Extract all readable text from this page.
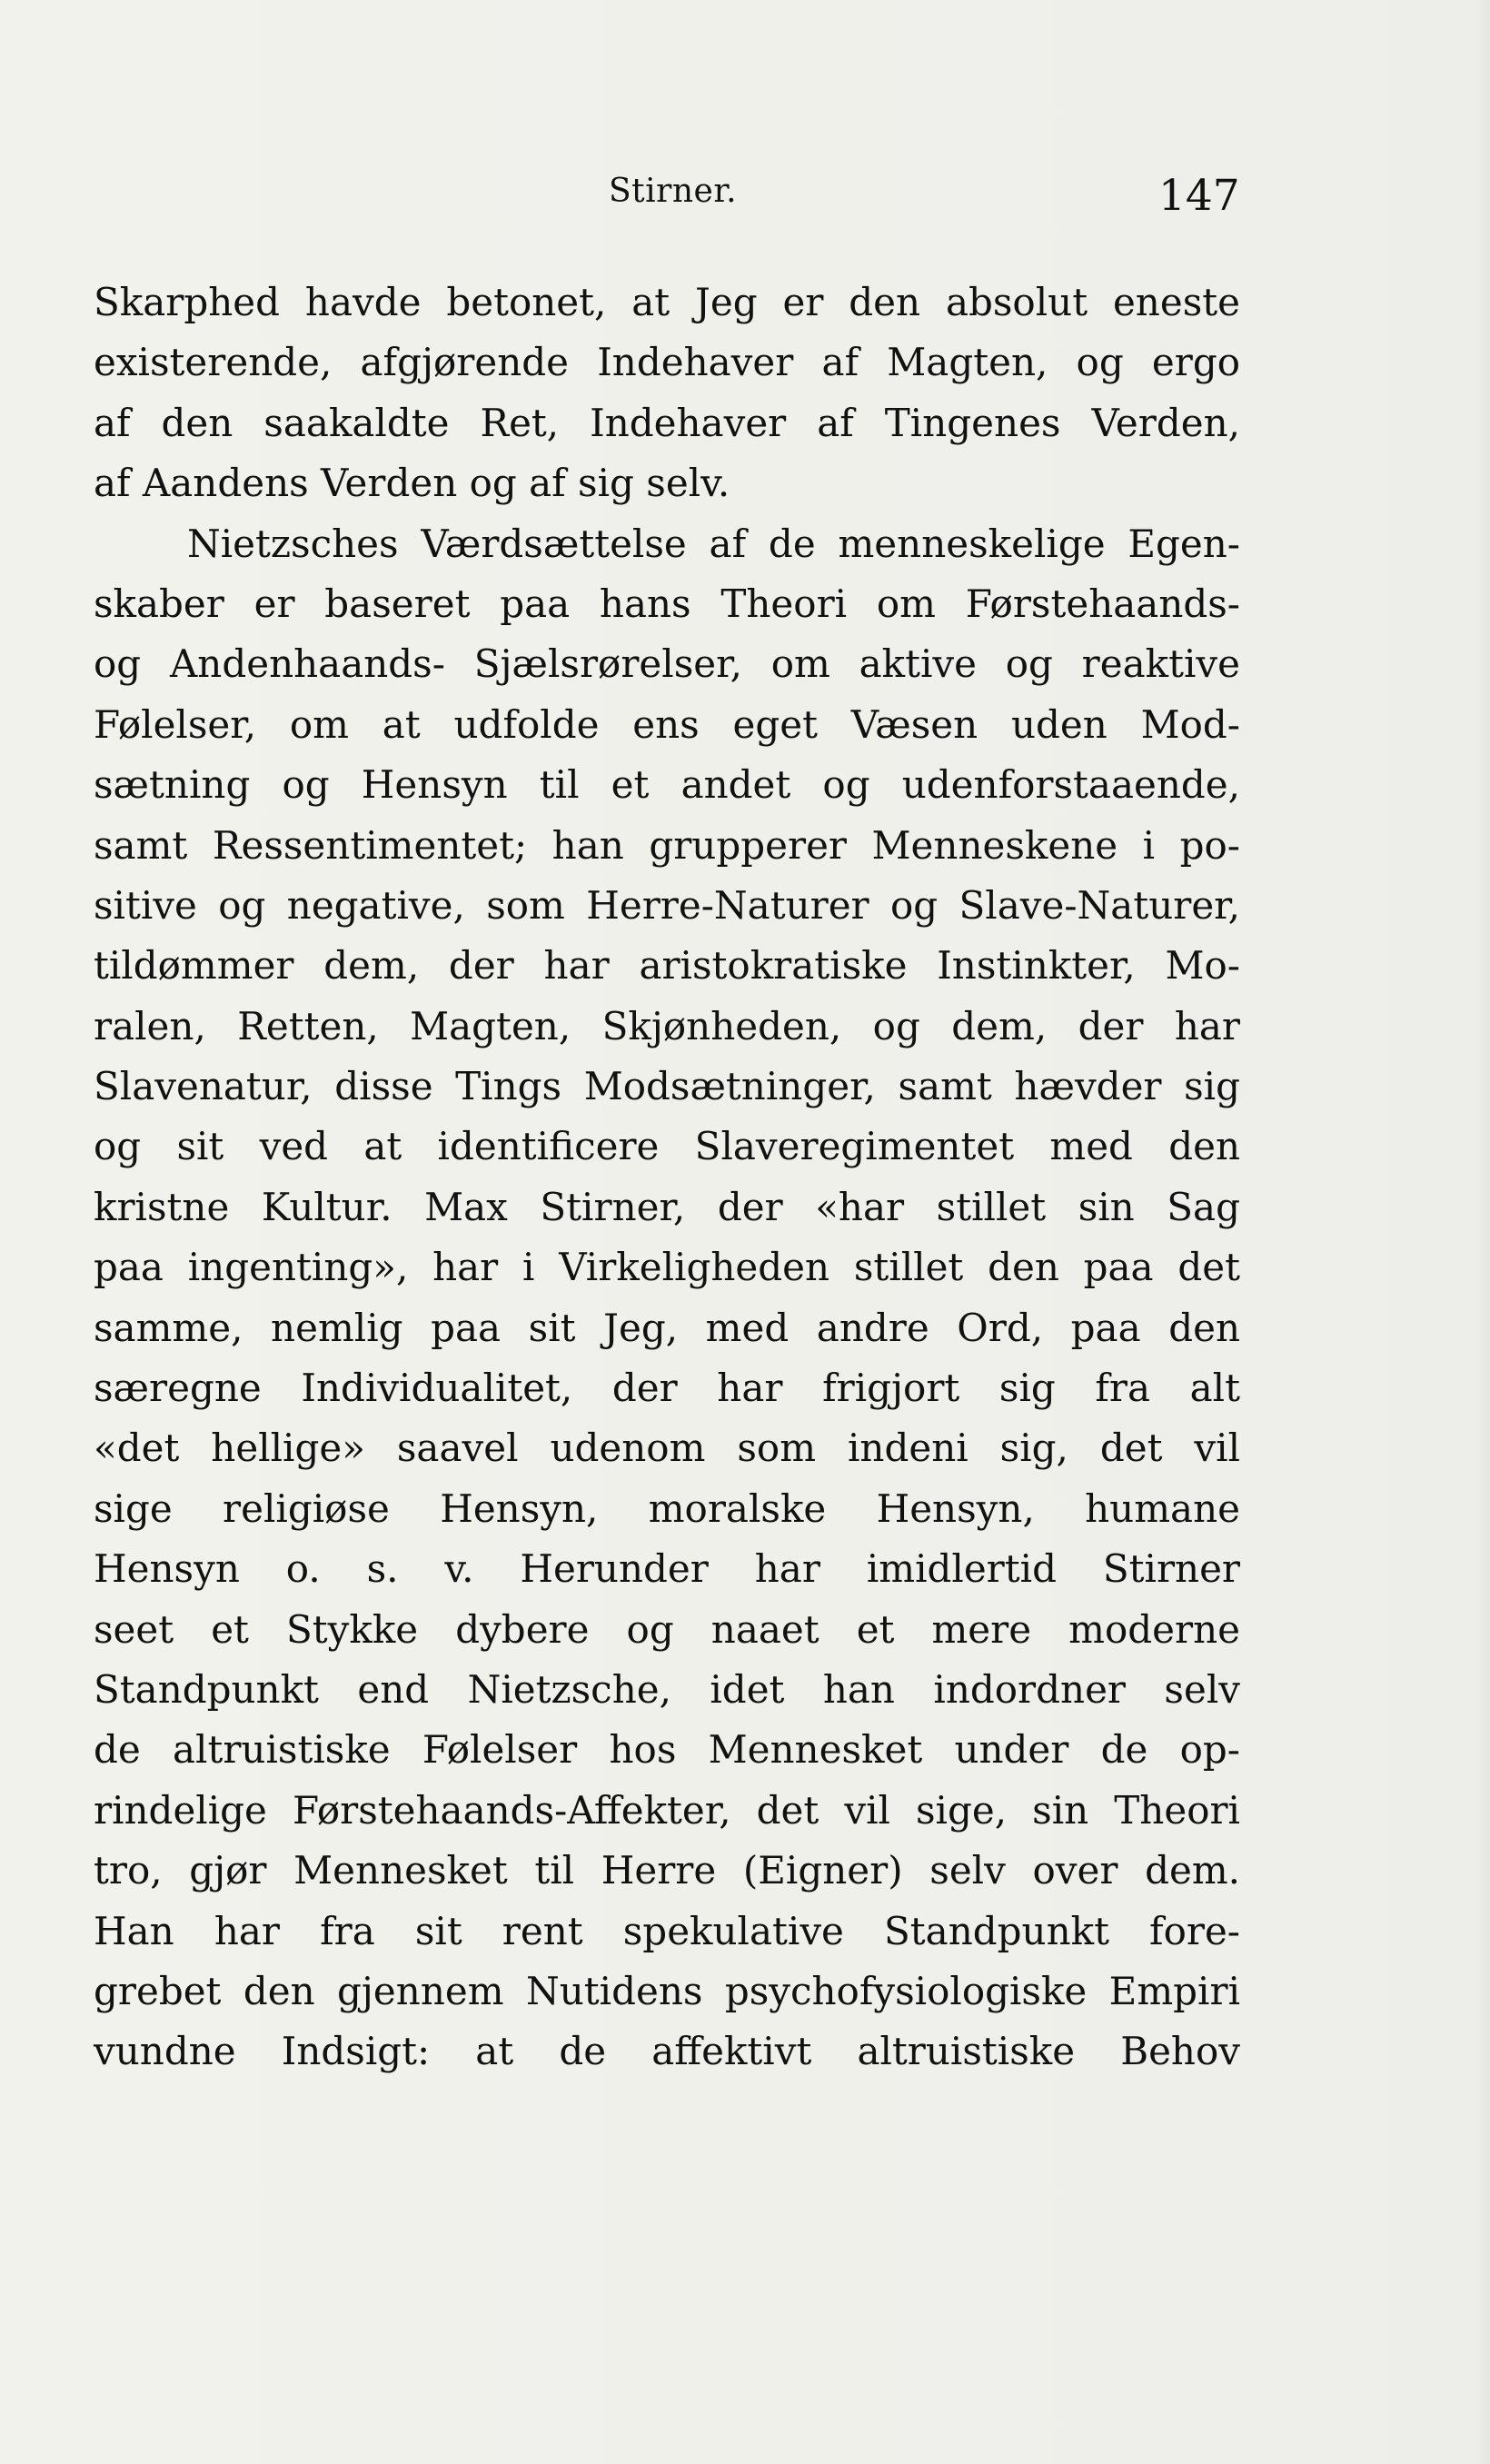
Stirner.	147
Skarphed havde betonet, at Jeg er den absolut eneste
existerende, afgjørende Indehaver af Magten, og ergo
af den saakaldte Ret, Indehaver af Tingenes Verden,
af Aandens Verden og af sig selv.
Nietzsches Værdsættelse af de menneskelige Egen-
skaber er baseret paa hans Theori om Førstehaands-
og Andenhaands- Sjælsrørelser, om aktive og reaktive
Følelser, om at udfolde ens eget Væsen uden Mod-
sætning og Hensyn til et andet og udenforstaaende,
samt Ressentimentet; han grupperer Menneskene i po-
sitive og negative, som Herre-Naturer og Slave-Naturer,
tildømmer dem, der har aristokratiske Instinkter, Mo-
ralen, Retten, Magten, Skjønheden, og dem, der har
Slavenatur, disse Tings Modsætninger, samt hævder sig
og sit ved at identificere Slaveregimentet med den
kristne Kultur. Max Stirner, der «har stillet sin Sag
paa ingenting», har i Virkeligheden stillet den paa det
samme, nemlig paa sit Jeg, med andre Ord, paa den
særegne Individualitet, der har frigjort sig fra alt
«det hellige» saavel udenom som indeni sig, det vil
sige religiøse Hensyn, moralske Hensyn, humane
Hensyn o. s. v. Herunder har imidlertid Stirner
seet et Stykke dybere og naaet et mere moderne
Standpunkt end Nietzsche, idet han indordner selv
de altruistiske Følelser hos Mennesket under de op-
rindelige Førstehaands-Affekter, det vil sige, sin Theori
tro, gjør Mennesket til Herre (Eigner) selv over dem.
Han har fra sit rent spekulative Standpunkt fore-
grebet den gjennem Nutidens psychofysiologiske Empiri
vundne Indsigt: at de affektivt altruistiske Behov
